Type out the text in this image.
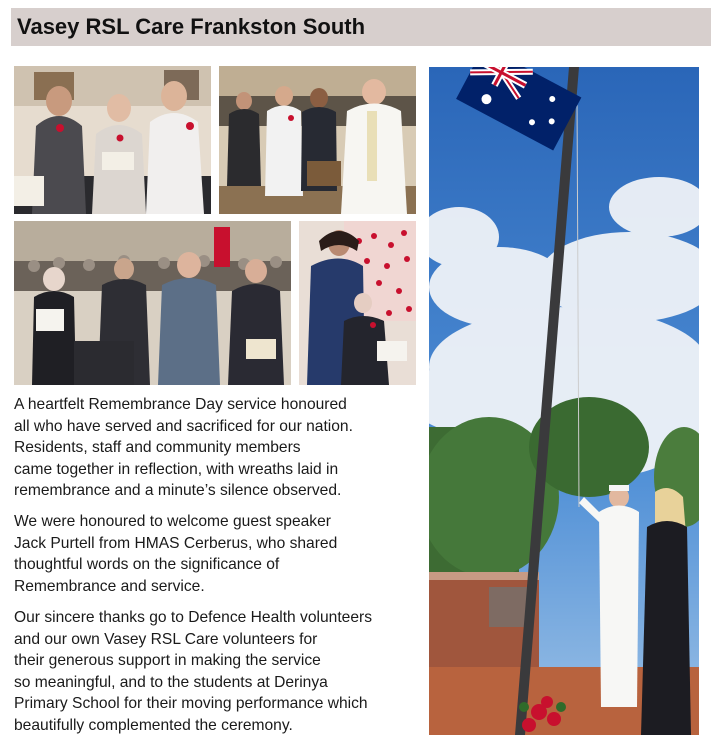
Vasey RSL Care Frankston South
A heartfelt Remembrance Day service honoured
all who have served and sacrificed for our nation.
Residents, staff and community members
came together in reflection, with wreaths laid in
remembrance and a minute’s silence observed.
We were honoured to welcome guest speaker
Jack Purtell from HMAS Cerberus, who shared
thoughtful words on the significance of
Remembrance and service.
Our sincere thanks go to Defence Health volunteers
and our own Vasey RSL Care volunteers for
their generous support in making the service
so meaningful, and to the students at Derinya
Primary School for their moving performance which
beautifully complemented the ceremony.
